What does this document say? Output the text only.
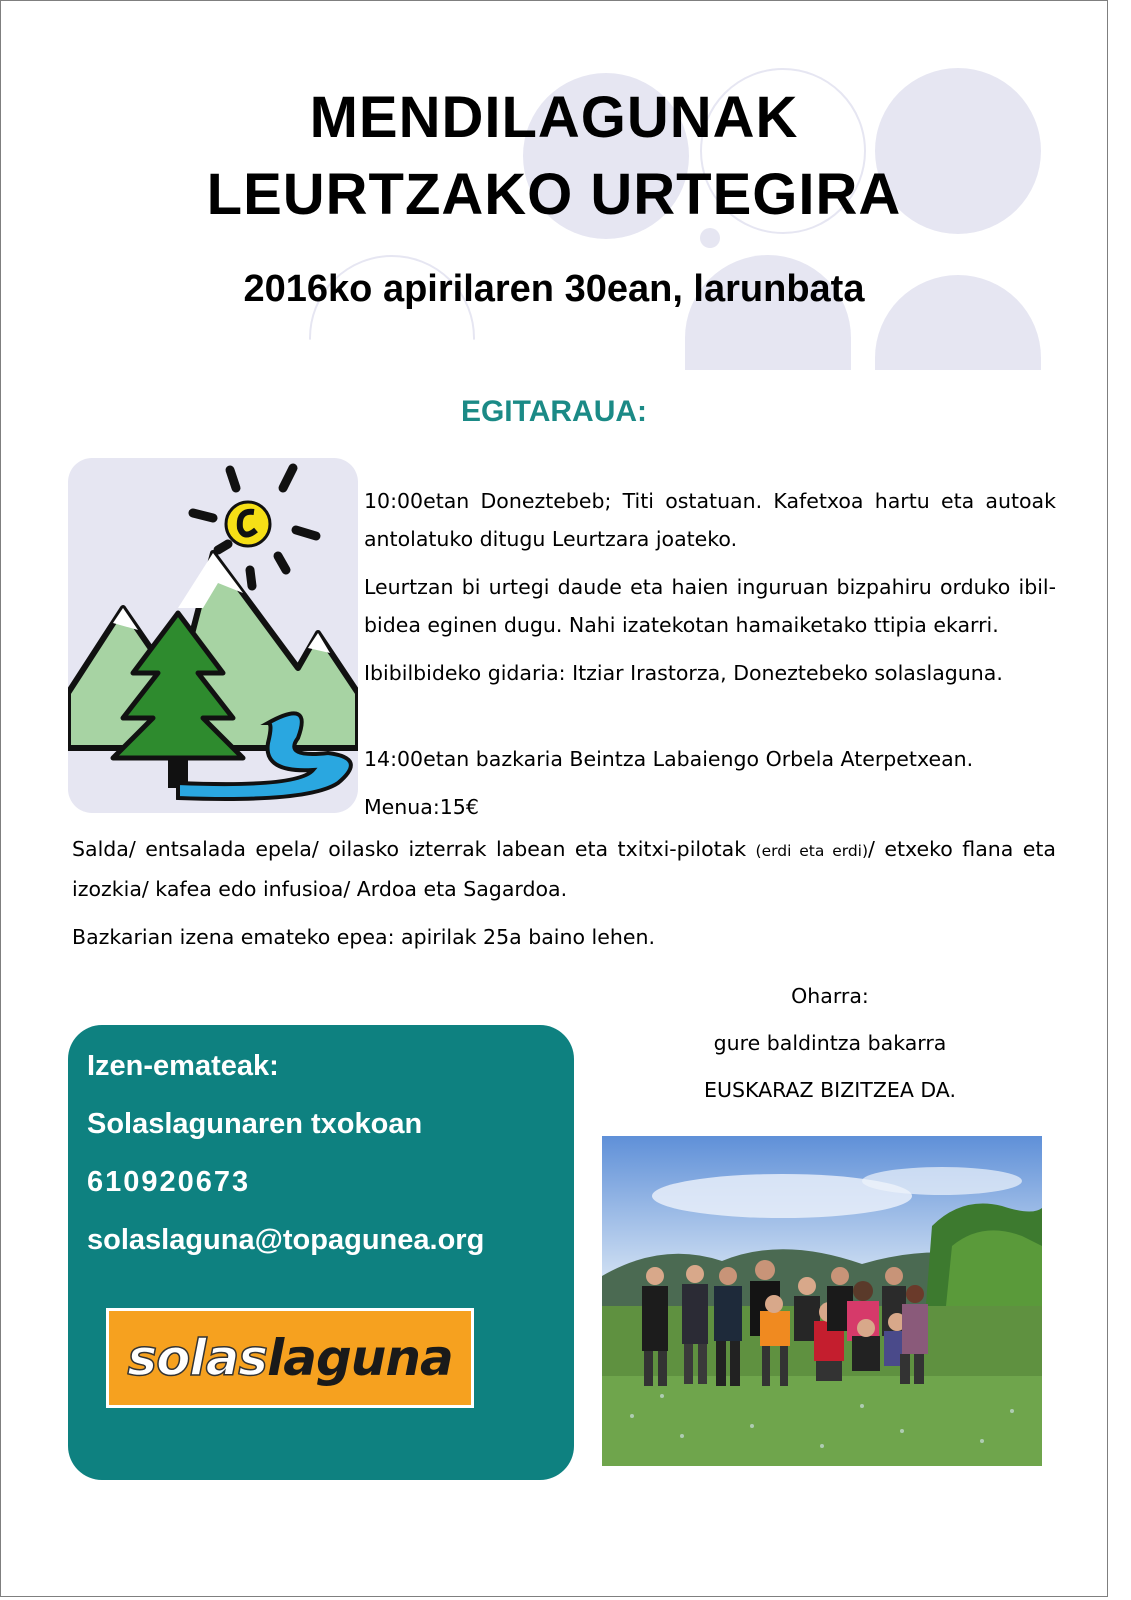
MENDILAGUNAK
LEURTZAKO URTEGIRA
2016ko apirilaren 30ean, larunbata
EGITARAUA:

10:00etan Doneztebeb; Titi ostatuan. Kafetxoa hartu eta autoak antolatuko ditugu Leurtzara joateko.

Leurtzan bi urtegi daude eta haien inguruan bizpahiru orduko ibil-bidea eginen dugu. Nahi izatekotan hamaiketako ttipia ekarri.

Ibibilbideko gidaria: Itziar Irastorza, Doneztebeko solaslaguna.

14:00etan bazkaria Beintza Labaiengo Orbela Aterpetxean.

Menua:15€

Salda/ entsalada epela/ oilasko izterrak labean eta txitxi-pilotak (erdi eta erdi)/ etxeko flana eta izozkia/ kafea edo infusioa/ Ardoa eta Sagardoa.

Bazkarian izena emateko epea: apirilak 25a baino lehen.

Oharra:
gure baldintza bakarra
EUSKARAZ BIZITZEA DA.
Izen-emateak:
Solaslagunaren txokoan
610920673
solaslaguna@topagunea.org
solas laguna
